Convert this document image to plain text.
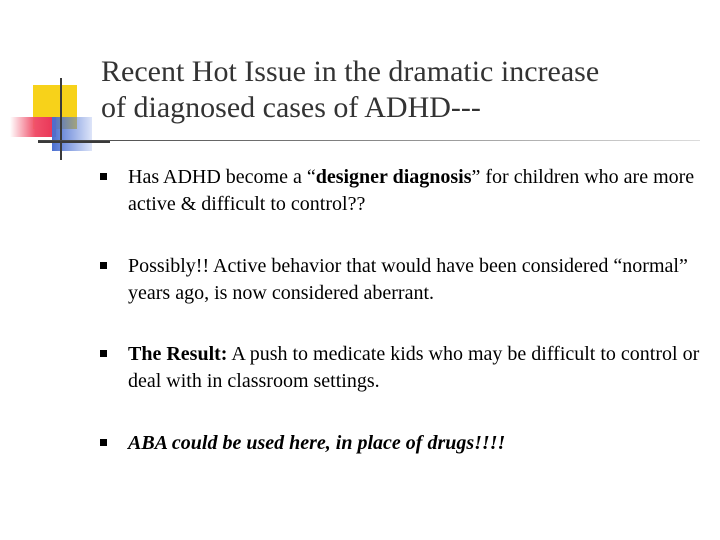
Recent Hot Issue in the dramatic increase
of diagnosed cases of ADHD---
Has ADHD become a “designer diagnosis” for children who are more active & difficult to control??
Possibly!! Active behavior that would have been considered “normal” years ago, is now considered aberrant.
The Result: A push to medicate kids who may be difficult to control or deal with in classroom settings.
ABA could be used here, in place of drugs!!!!
